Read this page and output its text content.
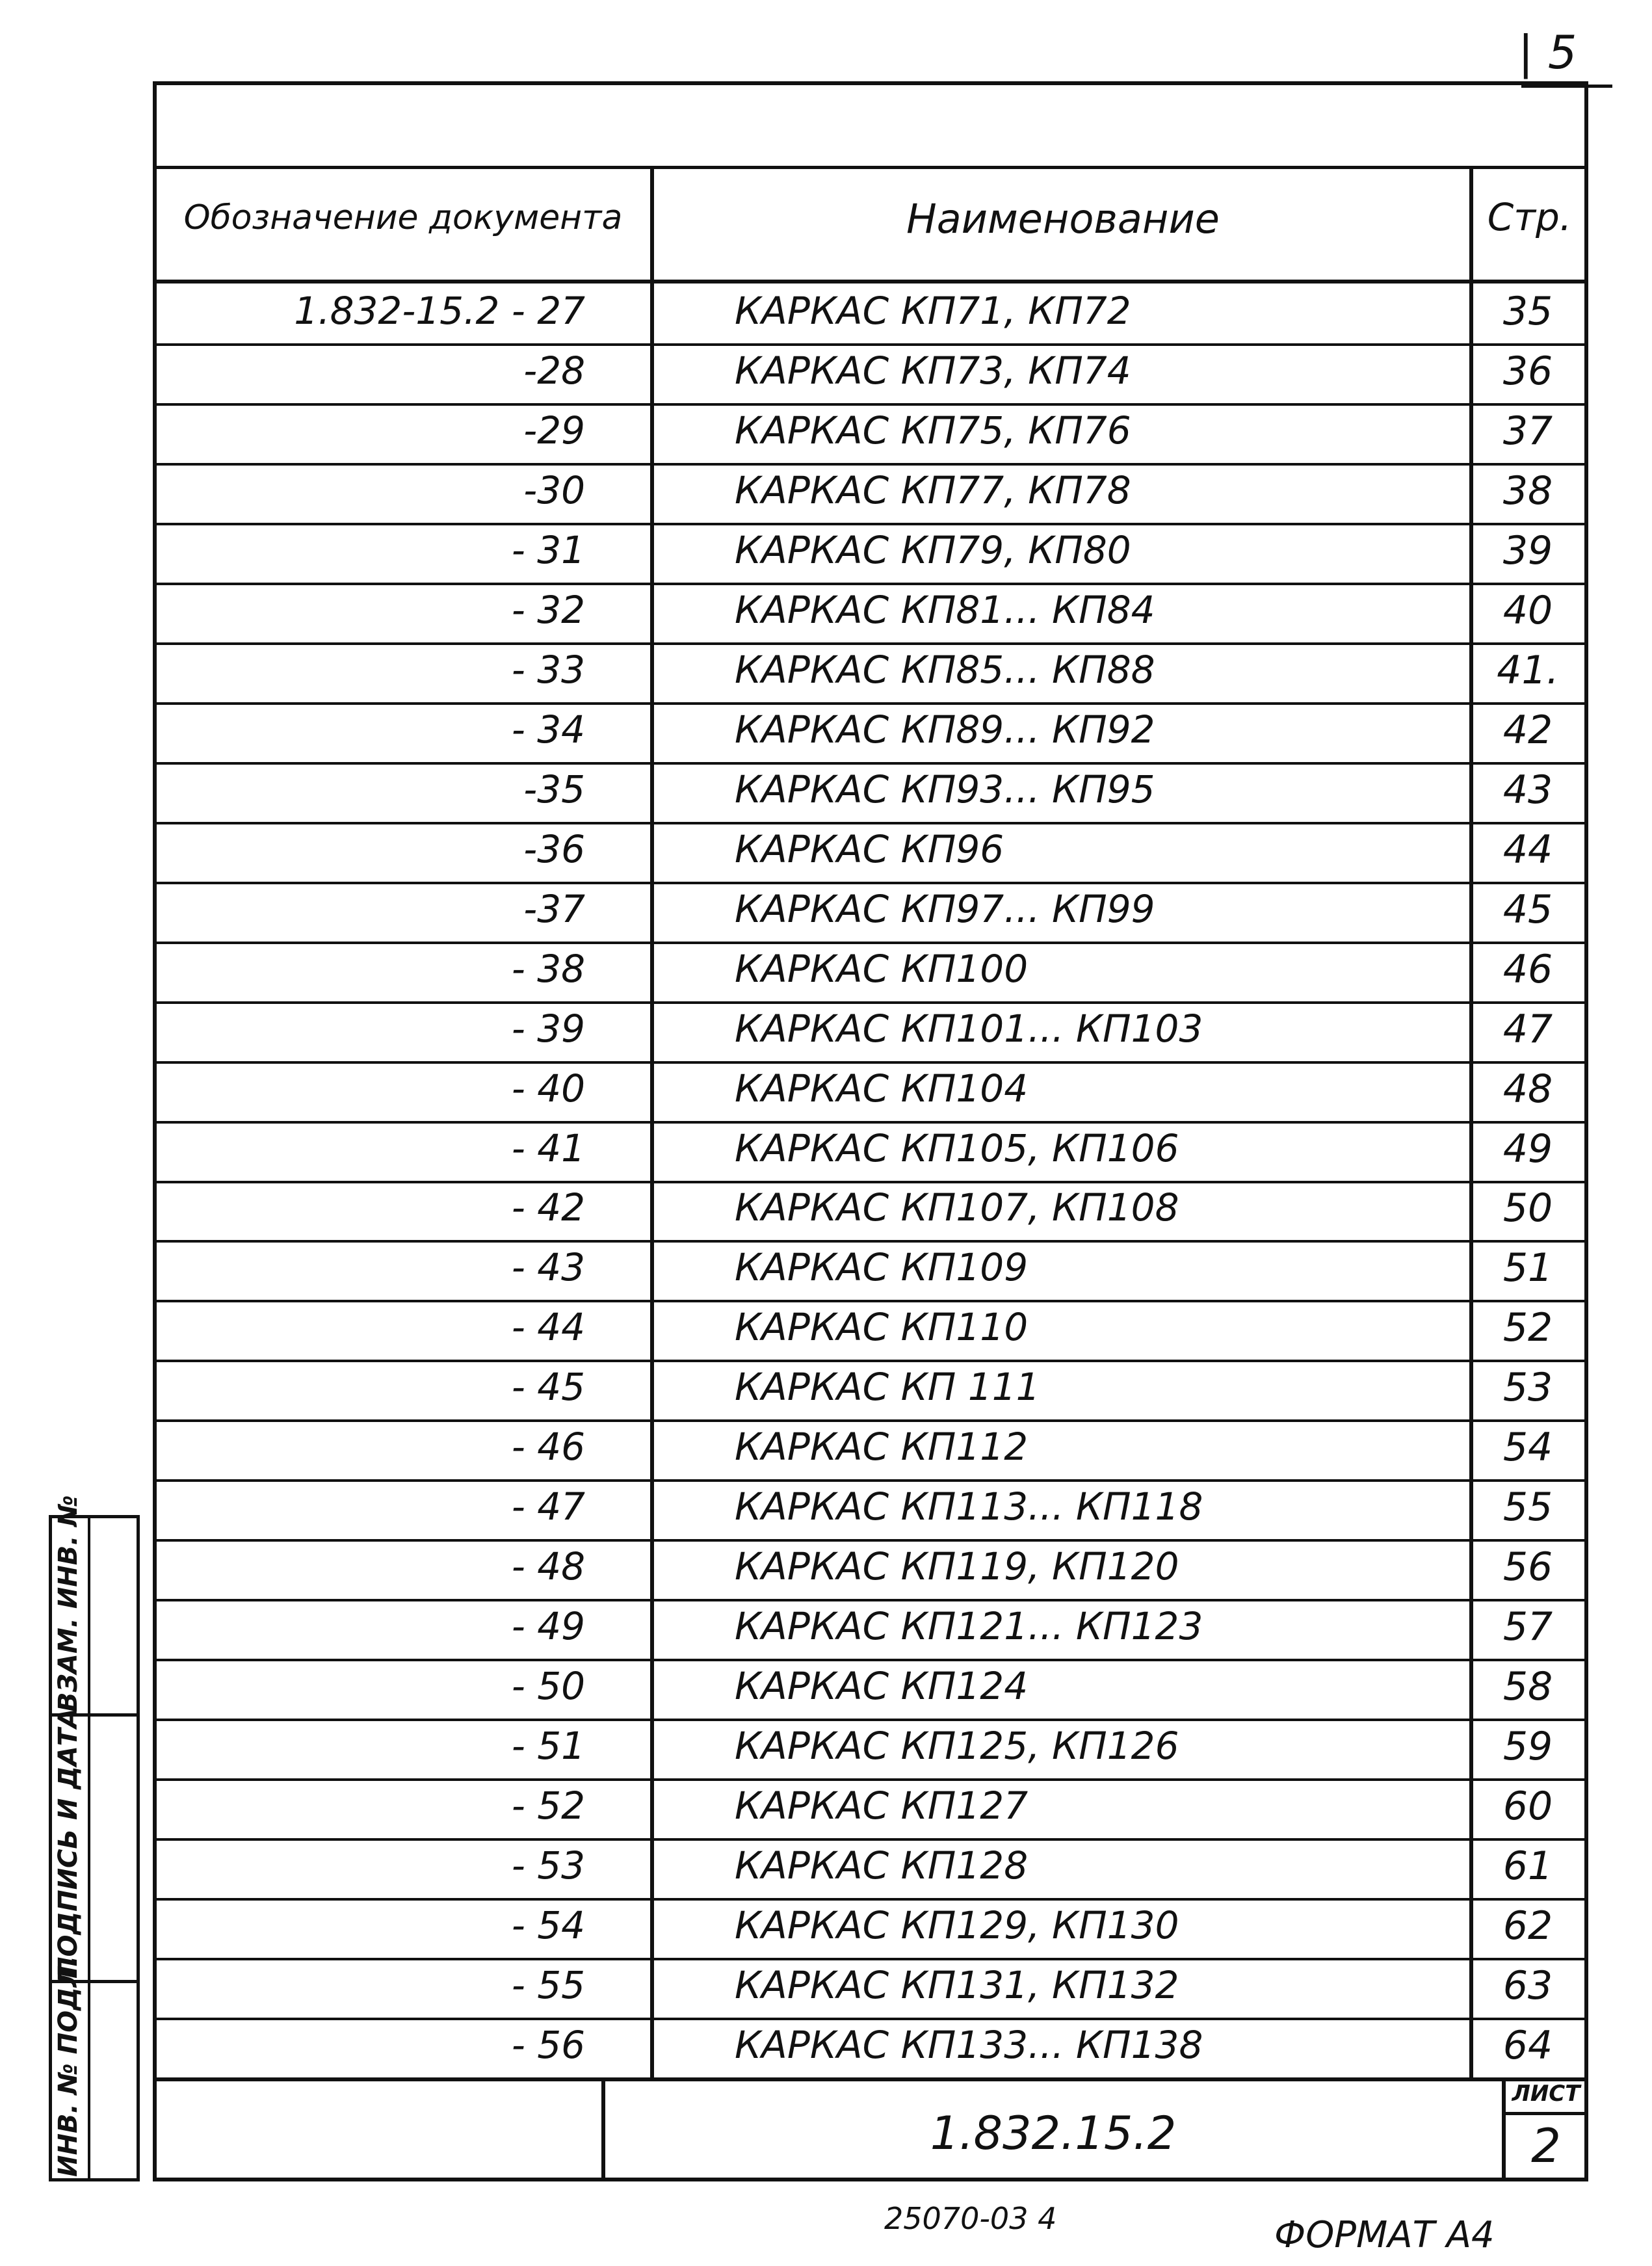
| 5
Обозначение документа	Наименование	Стр.
1.832-15.2 - 27	КАРКАС КП71, КП72	35
-28	КАРКАС КП73, КП74	36
-29	КАРКАС КП75, КП76	37
-30	КАРКАС КП77, КП78	38
- 31	КАРКАС КП79, КП80	39
- 32	КАРКАС КП81... КП84	40
- 33	КАРКАС КП85... КП88	41.
- 34	КАРКАС КП89... КП92	42
-35	КАРКАС КП93... КП95	43
-36	КАРКАС КП96	44
-37	КАРКАС КП97... КП99	45
- 38	КАРКАС КП100	46
- 39	КАРКАС КП101... КП103	47
- 40	КАРКАС КП104	48
- 41	КАРКАС КП105, КП106	49
- 42	КАРКАС КП107, КП108	50
- 43	КАРКАС КП109	51
- 44	КАРКАС КП110	52
- 45	КАРКАС КП 111	53
- 46	КАРКАС КП112	54
- 47	КАРКАС КП113... КП118	55
- 48	КАРКАС КП119, КП120	56
- 49	КАРКАС КП121... КП123	57
- 50	КАРКАС КП124	58
- 51	КАРКАС КП125, КП126	59
- 52	КАРКАС КП127	60
- 53	КАРКАС КП128	61
- 54	КАРКАС КП129, КП130	62
- 55	КАРКАС КП131, КП132	63
- 56	КАРКАС КП133... КП138	64
1.832.15.2
ЛИСТ
2
ВЗАМ. ИНВ. №
ПОДПИСЬ И ДАТА
ИНВ. № ПОДЛ.
25070-03 4	ФОРМАТ А4
